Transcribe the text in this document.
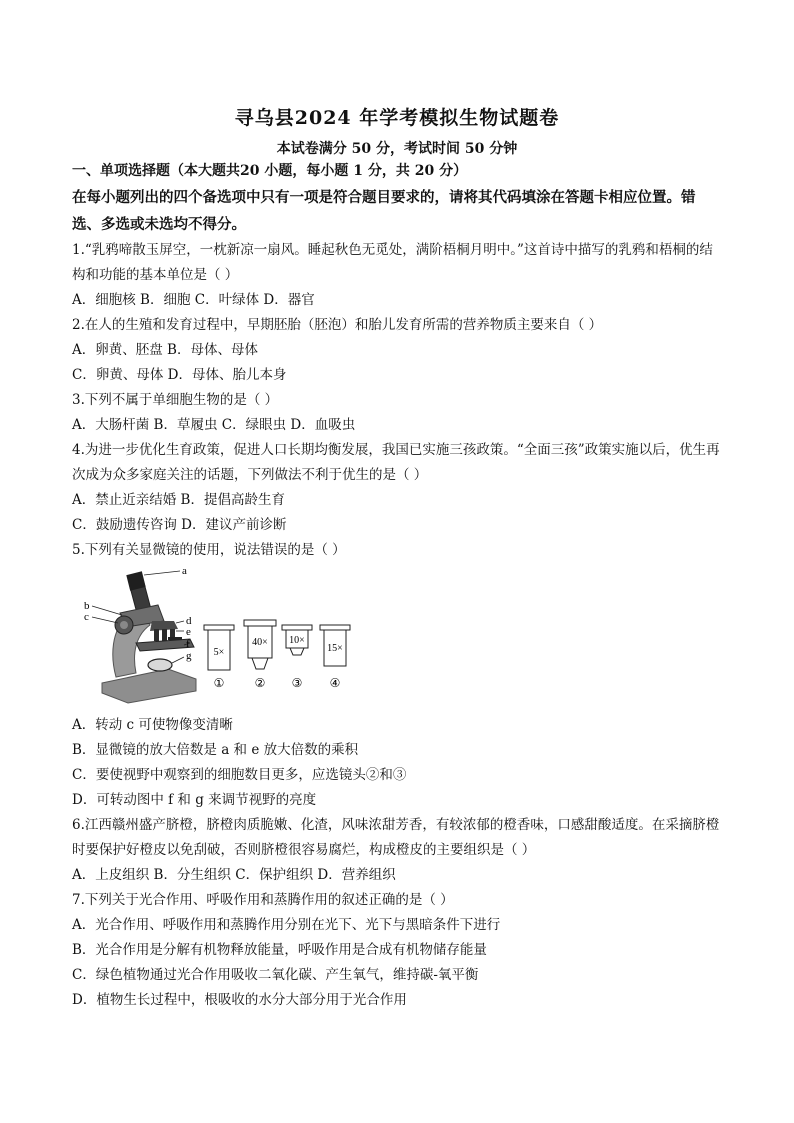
寻乌县2024 年学考模拟生物试题卷
本试卷满分 50 分，考试时间 50 分钟
一、单项选择题（本大题共20 小题，每小题 1 分，共 20 分）
在每小题列出的四个备选项中只有一项是符合题目要求的，请将其代码填涂在答题卡相应位置。错选、多选或未选均不得分。
1.“乳鸦啼散玉屏空，一枕新凉一扇风。睡起秋色无觅处，满阶梧桐月明中。”这首诗中描写的乳鸦和梧桐的结构和功能的基本单位是（ ）
A．细胞核 B．细胞 C．叶绿体 D．器官
2.在人的生殖和发育过程中，早期胚胎（胚泡）和胎儿发育所需的营养物质主要来自（ ）
A．卵黄、胚盘 B．母体、母体
C．卵黄、母体 D．母体、胎儿本身
3.下列不属于单细胞生物的是（ ）
A．大肠杆菌 B．草履虫 C．绿眼虫 D．血吸虫
4.为进一步优化生育政策，促进人口长期均衡发展，我国已实施三孩政策。“全面三孩”政策实施以后，优生再次成为众多家庭关注的话题，下列做法不利于优生的是（ ）
A．禁止近亲结婚 B．提倡高龄生育
C．鼓励遗传咨询 D．建议产前诊断
5.下列有关显微镜的使用，说法错误的是（ ）
a
b
c	d
e
f
g 5×
①
40×
②
10×
③
15×
④
A．转动 c 可使物像变清晰
B．显微镜的放大倍数是 a 和 e 放大倍数的乘积
C．要使视野中观察到的细胞数目更多，应选镜头②和③
D．可转动图中 f 和 g 来调节视野的亮度
6.江西赣州盛产脐橙，脐橙肉质脆嫩、化渣，风味浓甜芳香，有较浓郁的橙香味，口感甜酸适度。在采摘脐橙时要保护好橙皮以免刮破，否则脐橙很容易腐烂，构成橙皮的主要组织是（ ）
A．上皮组织 B．分生组织 C．保护组织 D．营养组织
7.下列关于光合作用、呼吸作用和蒸腾作用的叙述正确的是（ ）
A．光合作用、呼吸作用和蒸腾作用分别在光下、光下与黑暗条件下进行
B．光合作用是分解有机物释放能量，呼吸作用是合成有机物储存能量
C．绿色植物通过光合作用吸收二氧化碳、产生氧气，维持碳-氧平衡
D．植物生长过程中，根吸收的水分大部分用于光合作用
